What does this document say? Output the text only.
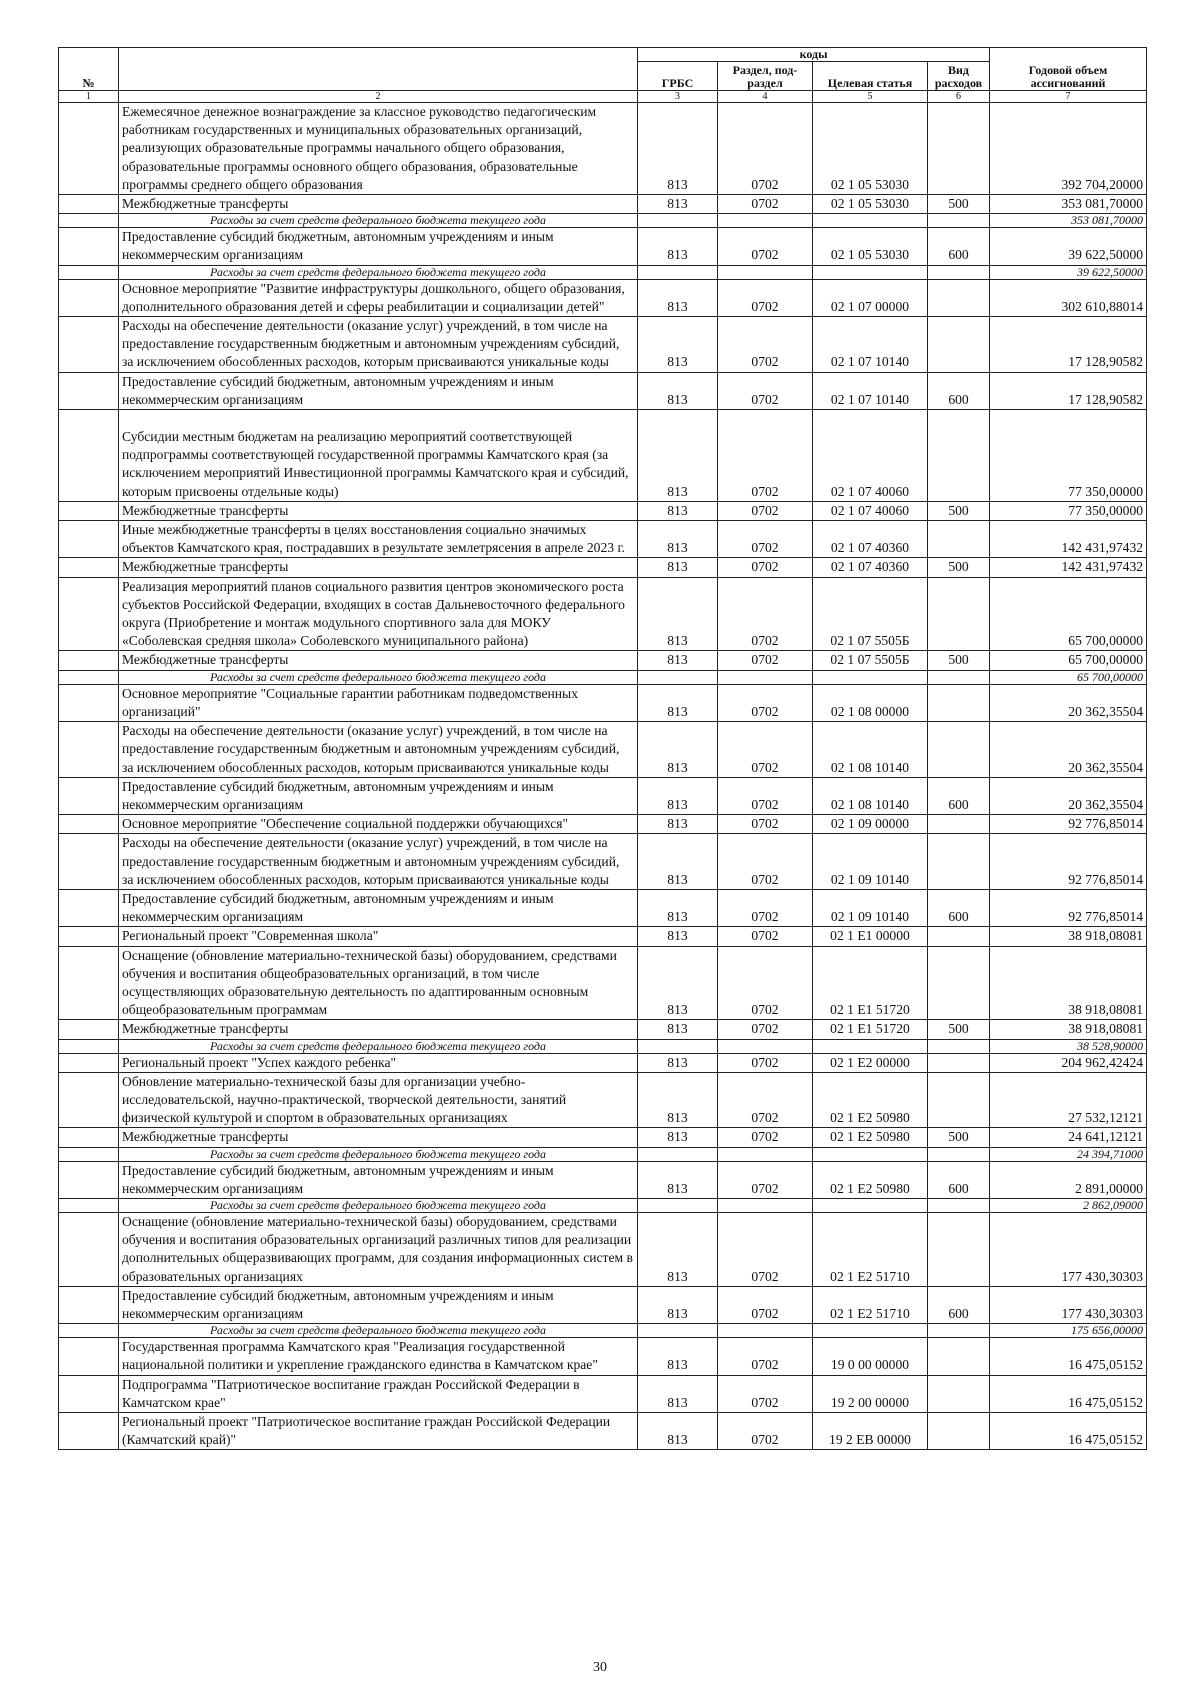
№		коды				Годовой объем ассигнований
		ГРБС	Раздел, под-раздел	Целевая статья	Вид расходов	
1	2	3	4	5	6	7
	Ежемесячное денежное вознаграждение за классное руководство педагогическим работникам государственных и муниципальных образовательных организаций, реализующих образовательные программы начального общего образования, образовательные программы основного общего образования, образовательные программы среднего общего образования	813	0702	02 1 05 53030		392 704,20000
	Межбюджетные трансферты	813	0702	02 1 05 53030	500	353 081,70000
	Расходы за счет средств федерального бюджета текущего года					353 081,70000
	Предоставление субсидий бюджетным, автономным учреждениям и иным некоммерческим организациям	813	0702	02 1 05 53030	600	39 622,50000
	Расходы за счет средств федерального бюджета текущего года					39 622,50000
	Основное мероприятие "Развитие инфраструктуры дошкольного, общего образования, дополнительного образования детей и сферы реабилитации и социализации детей"	813	0702	02 1 07 00000		302 610,88014
	Расходы на обеспечение деятельности (оказание услуг) учреждений, в том числе на предоставление государственным бюджетным и автономным учреждениям субсидий, за исключением обособленных расходов, которым присваиваются уникальные коды	813	0702	02 1 07 10140		17 128,90582
	Предоставление субсидий бюджетным, автономным учреждениям и иным некоммерческим организациям	813	0702	02 1 07 10140	600	17 128,90582
	Субсидии местным бюджетам на реализацию мероприятий соответствующей подпрограммы соответствующей государственной программы Камчатского края (за исключением мероприятий Инвестиционной программы Камчатского края и субсидий, которым присвоены отдельные коды)	813	0702	02 1 07 40060		77 350,00000
	Межбюджетные трансферты	813	0702	02 1 07 40060	500	77 350,00000
	Иные межбюджетные трансферты в целях восстановления социально значимых объектов Камчатского края, пострадавших в результате землетрясения в апреле 2023 г.	813	0702	02 1 07 40360		142 431,97432
	Межбюджетные трансферты	813	0702	02 1 07 40360	500	142 431,97432
	Реализация мероприятий планов социального развития центров экономического роста субъектов Российской Федерации, входящих в состав Дальневосточного федерального округа (Приобретение и монтаж модульного спортивного зала для МОКУ «Соболевская средняя школа» Соболевского муниципального района)	813	0702	02 1 07 5505Б		65 700,00000
	Межбюджетные трансферты	813	0702	02 1 07 5505Б	500	65 700,00000
	Расходы за счет средств федерального бюджета текущего года					65 700,00000
	Основное мероприятие "Социальные гарантии работникам подведомственных организаций"	813	0702	02 1 08 00000		20 362,35504
	Расходы на обеспечение деятельности (оказание услуг) учреждений, в том числе на предоставление государственным бюджетным и автономным учреждениям субсидий, за исключением обособленных расходов, которым присваиваются уникальные коды	813	0702	02 1 08 10140		20 362,35504
	Предоставление субсидий бюджетным, автономным учреждениям и иным некоммерческим организациям	813	0702	02 1 08 10140	600	20 362,35504
	Основное мероприятие "Обеспечение социальной поддержки обучающихся"	813	0702	02 1 09 00000		92 776,85014
	Расходы на обеспечение деятельности (оказание услуг) учреждений, в том числе на предоставление государственным бюджетным и автономным учреждениям субсидий, за исключением обособленных расходов, которым присваиваются уникальные коды	813	0702	02 1 09 10140		92 776,85014
	Предоставление субсидий бюджетным, автономным учреждениям и иным некоммерческим организациям	813	0702	02 1 09 10140	600	92 776,85014
	Региональный проект "Современная школа"	813	0702	02 1 E1 00000		38 918,08081
	Оснащение (обновление материально-технической базы) оборудованием, средствами обучения и воспитания общеобразовательных организаций, в том числе осуществляющих образовательную деятельность по адаптированным основным общеобразовательным программам	813	0702	02 1 E1 51720		38 918,08081
	Межбюджетные трансферты	813	0702	02 1 E1 51720	500	38 918,08081
	Расходы за счет средств федерального бюджета текущего года					38 528,90000
	Региональный проект "Успех каждого ребенка"	813	0702	02 1 E2 00000		204 962,42424
	Обновление материально-технической базы для организации учебно-исследовательской, научно-практической, творческой деятельности, занятий физической культурой и спортом в образовательных организациях	813	0702	02 1 E2 50980		27 532,12121
	Межбюджетные трансферты	813	0702	02 1 E2 50980	500	24 641,12121
	Расходы за счет средств федерального бюджета текущего года					24 394,71000
	Предоставление субсидий бюджетным, автономным учреждениям и иным некоммерческим организациям	813	0702	02 1 E2 50980	600	2 891,00000
	Расходы за счет средств федерального бюджета текущего года					2 862,09000
	Оснащение (обновление материально-технической базы) оборудованием, средствами обучения и воспитания образовательных организаций различных типов для реализации дополнительных общеразвивающих программ, для создания информационных систем в образовательных организациях	813	0702	02 1 E2 51710		177 430,30303
	Предоставление субсидий бюджетным, автономным учреждениям и иным некоммерческим организациям	813	0702	02 1 E2 51710	600	177 430,30303
	Расходы за счет средств федерального бюджета текущего года					175 656,00000
	Государственная программа Камчатского края "Реализация государственной национальной политики и укрепление гражданского единства в Камчатском крае"	813	0702	19 0 00 00000		16 475,05152
	Подпрограмма "Патриотическое воспитание граждан Российской Федерации в Камчатском крае"	813	0702	19 2 00 00000		16 475,05152
	Региональный проект "Патриотическое воспитание граждан Российской Федерации (Камчатский край)"	813	0702	19 2 EB 00000		16 475,05152
30
